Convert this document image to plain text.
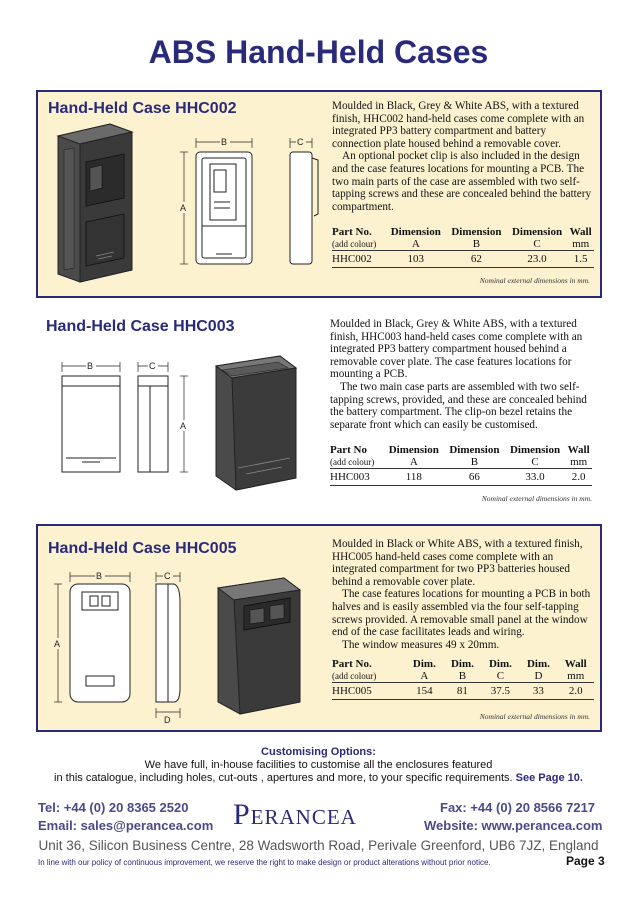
ABS Hand-Held Cases
Hand-Held Case HHC002
B
A
C

Moulded in Black, Grey & White ABS, with a textured finish, HHC002 hand-held cases come complete with an integrated PP3 battery compartment and battery connection plate housed behind a removable cover.

An optional pocket clip is also included in the design and the case features locations for mounting a PCB. The two main parts of the case are assembled with two self-tapping screws and these are concealed behind the battery compartment.

Part No.	Dimension	Dimension	Dimension	Wall
(add colour)	A	B	C	mm
HHC002	103	62	23.0	1.5
Nominal external dimensions in mm.
Hand-Held Case HHC003
B	C
A

Moulded in Black, Grey & White ABS, with a textured finish, HHC003 hand-held cases come complete with an integrated PP3 battery compartment housed behind a removable cover plate. The case features locations for mounting a PCB.

The two main case parts are assembled with two self-tapping screws, provided, and these are concealed behind the battery compartment. The clip-on bezel retains the separate front which can easily be customised.

Part No	Dimension	Dimension	Dimension	Wall
(add colour)	A	B	C	mm
HHC003	118	66	33.0	2.0
Nominal external dimensions in mm.
Hand-Held Case HHC005
B	C
A
D

Moulded in Black or White ABS, with a textured finish, HHC005 hand-held cases come complete with an integrated compartment for two PP3 batteries housed behind a removable cover plate.

The case features locations for mounting a PCB in both halves and is easily assembled via the four self-tapping screws provided. A removable small panel at the window end of the case facilitates leads and wiring.

The window measures 49 x 20mm.

Part No.	Dim.	Dim.	Dim.	Dim.	Wall
(add colour)	A	B	C	D	mm
HHC005	154	81	37.5	33	2.0
Nominal external dimensions in mm.
Customising Options:
We have full, in-house facilities to customise all the enclosures featured
in this catalogue, including holes, cut-outs , apertures and more, to your specific requirements. See Page 10.
Tel: +44 (0) 20 8365 2520
Email: sales@perancea.com
Fax: +44 (0) 20 8566 7217
Website: www.perancea.com
Perancea
Unit 36, Silicon Business Centre, 28 Wadsworth Road, Perivale Greenford, UB6 7JZ, England
In line with our policy of continuous improvement, we reserve the right to make design or product alterations without prior notice.	Page 3
